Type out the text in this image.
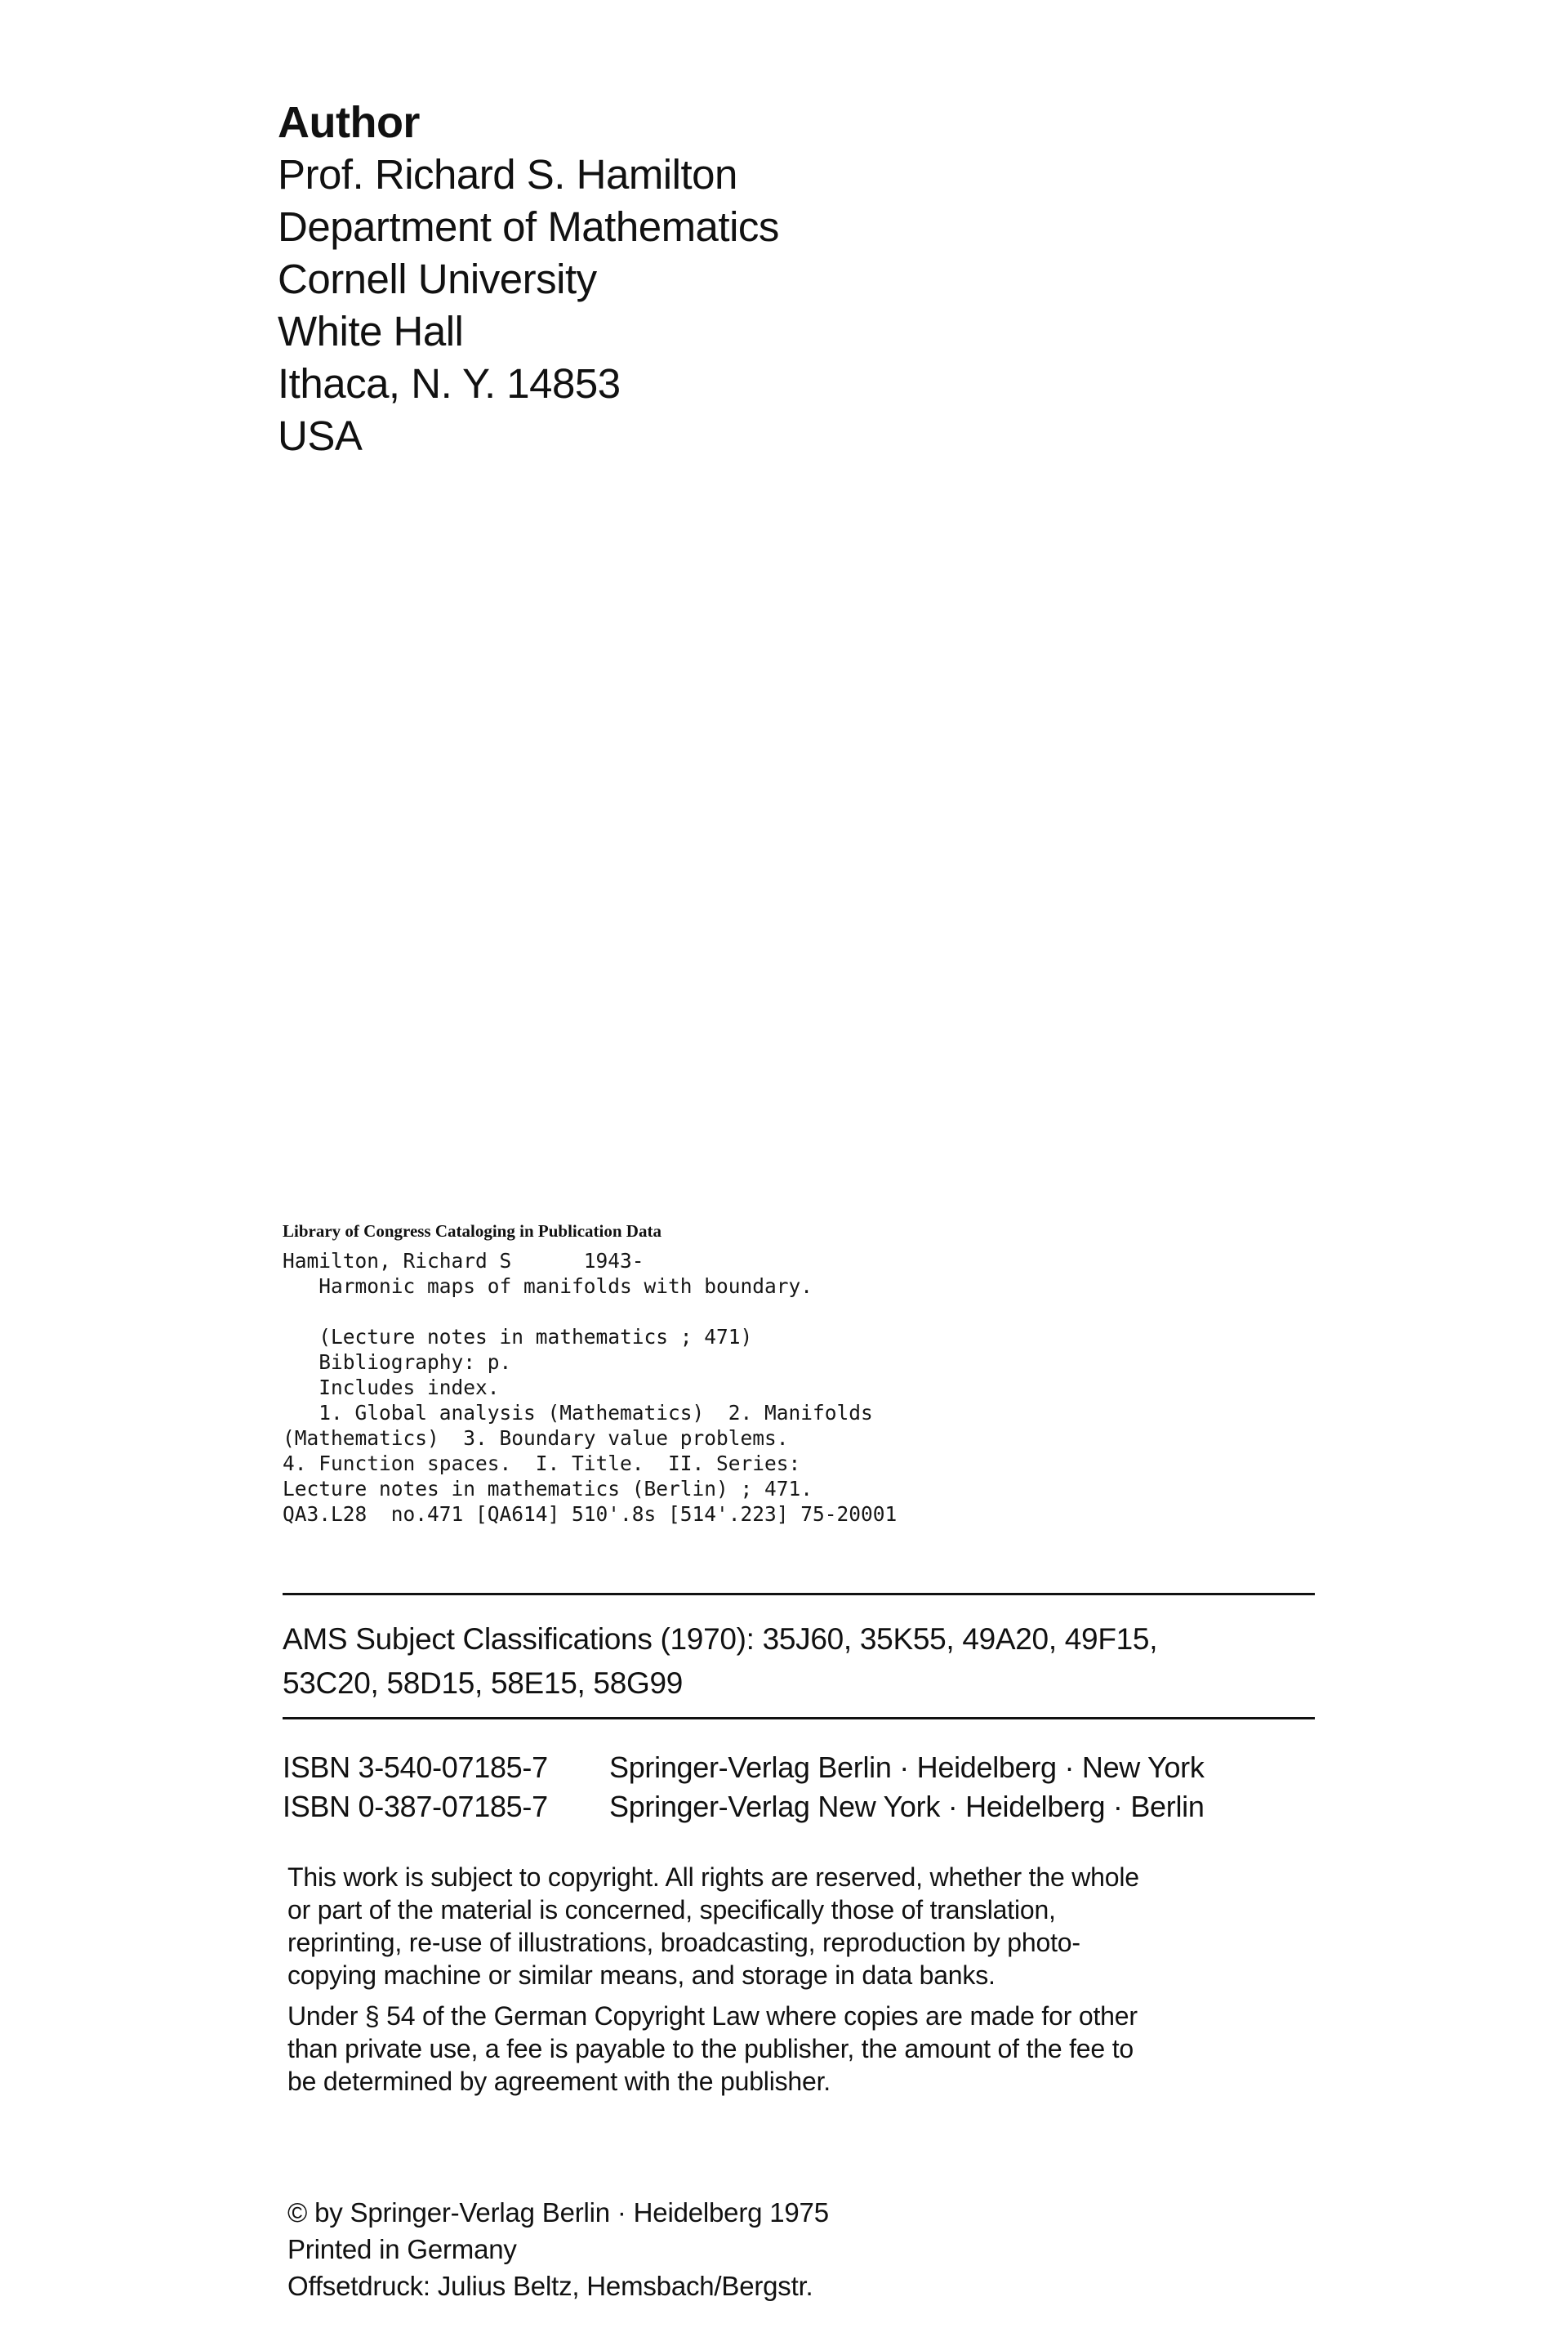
Author

Prof. Richard S. Hamilton

Department of Mathematics

Cornell University

White Hall

Ithaca, N. Y. 14853

USA

Library of Congress Cataloging in Publication Data

Hamilton, Richard S      1943-
Harmonic maps of manifolds with boundary.

(Lecture notes in mathematics ; 471)
Bibliography: p.
Includes index.
1. Global analysis (Mathematics)  2. Manifolds
(Mathematics)  3. Boundary value problems.
4. Function spaces.  I. Title.  II. Series:
Lecture notes in mathematics (Berlin) ; 471.
QA3.L28  no.471 [QA614] 510'.8s [514'.223] 75-20001

AMS Subject Classifications (1970): 35J60, 35K55, 49A20, 49F15,

53C20, 58D15, 58E15, 58G99

ISBN 3-540-07185-7	Springer-Verlag Berlin · Heidelberg · New York
ISBN 0-387-07185-7	Springer-Verlag New York · Heidelberg · Berlin

This work is subject to copyright. All rights are reserved, whether the whole
or part of the material is concerned, specifically those of translation,
reprinting, re-use of illustrations, broadcasting, reproduction by photo-
copying machine or similar means, and storage in data banks.

Under § 54 of the German Copyright Law where copies are made for other
than private use, a fee is payable to the publisher, the amount of the fee to
be determined by agreement with the publisher.

© by Springer-Verlag Berlin · Heidelberg 1975

Printed in Germany

Offsetdruck: Julius Beltz, Hemsbach/Bergstr.
